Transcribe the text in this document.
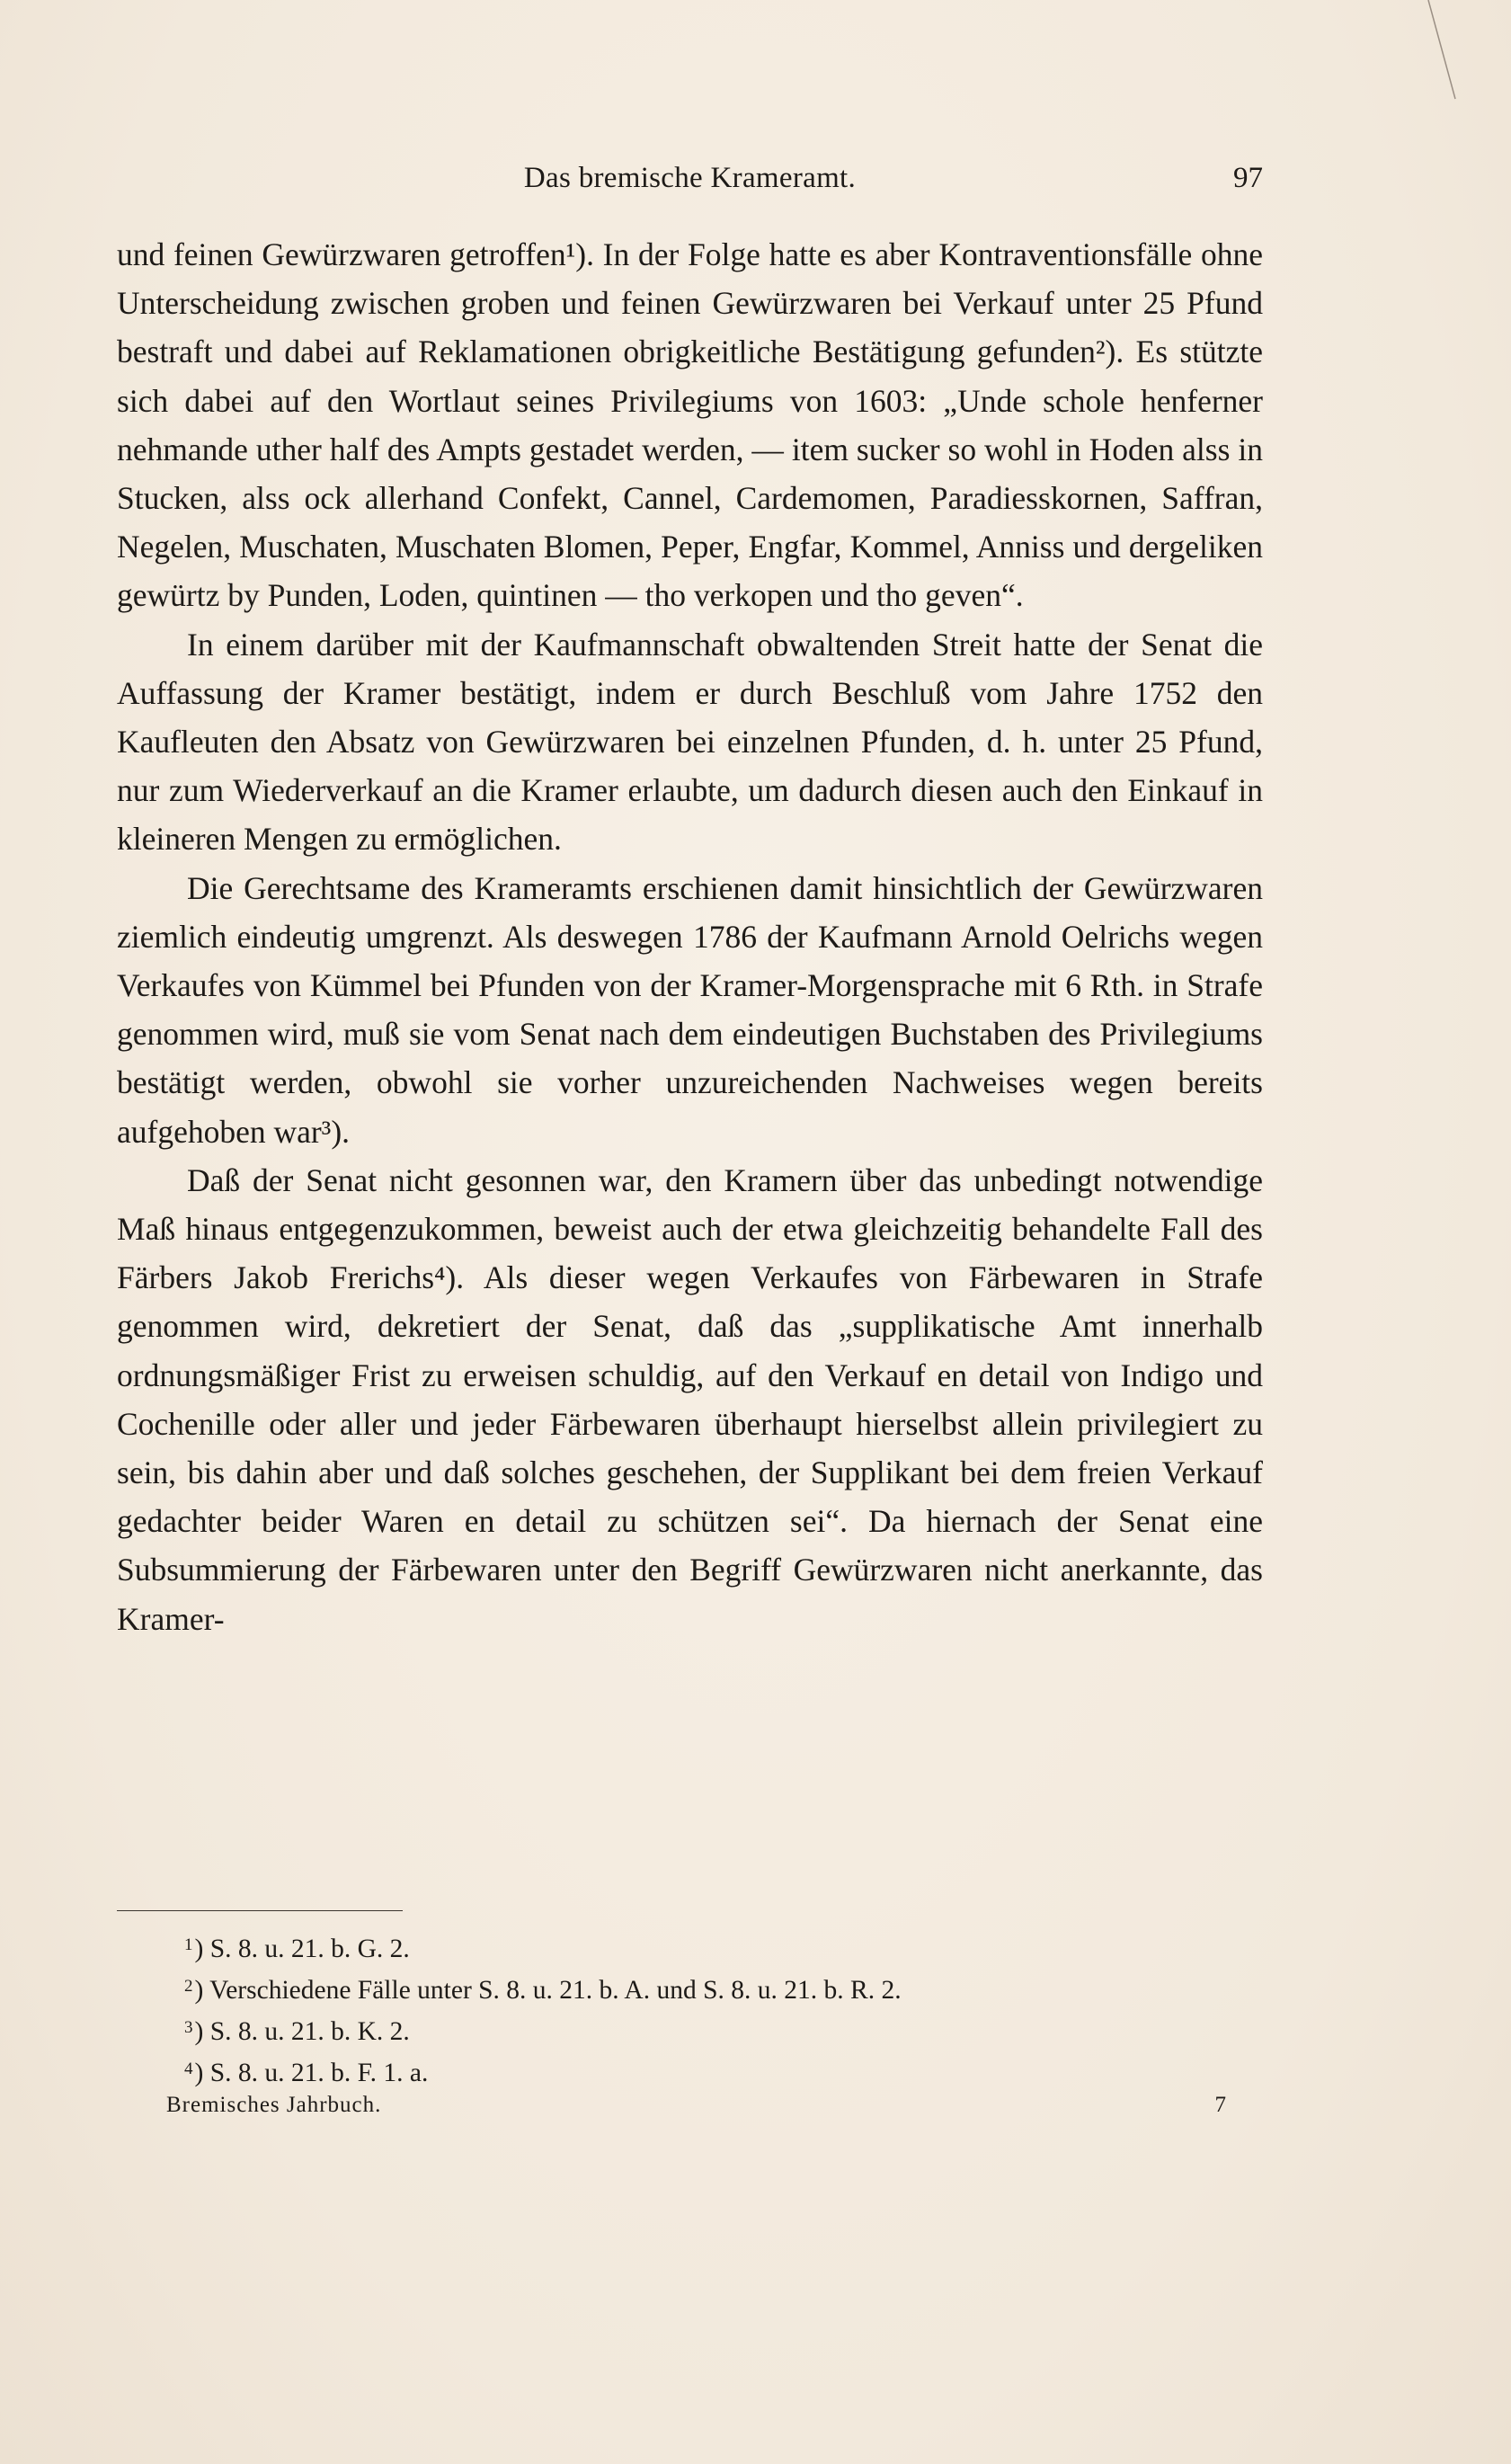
Das bremische Krameramt.	97

und feinen Gewürzwaren getroffen¹). In der Folge hatte es aber Kontraventionsfälle ohne Unterscheidung zwischen groben und feinen Gewürzwaren bei Verkauf unter 25 Pfund bestraft und dabei auf Reklamationen obrigkeitliche Bestätigung gefunden²). Es stützte sich dabei auf den Wortlaut seines Privilegiums von 1603: „Unde schole henferner nehmande uther half des Ampts gestadet werden, — item sucker so wohl in Hoden alss in Stucken, alss ock allerhand Confekt, Cannel, Cardemomen, Paradiesskornen, Saffran, Negelen, Muschaten, Muschaten Blomen, Peper, Engfar, Kommel, Anniss und dergeliken gewürtz by Punden, Loden, quintinen — tho verkopen und tho geven“.

In einem darüber mit der Kaufmannschaft obwaltenden Streit hatte der Senat die Auffassung der Kramer bestätigt, indem er durch Beschluß vom Jahre 1752 den Kaufleuten den Absatz von Gewürzwaren bei einzelnen Pfunden, d. h. unter 25 Pfund, nur zum Wiederverkauf an die Kramer erlaubte, um dadurch diesen auch den Einkauf in kleineren Mengen zu ermöglichen.

Die Gerechtsame des Krameramts erschienen damit hinsichtlich der Gewürzwaren ziemlich eindeutig umgrenzt. Als deswegen 1786 der Kaufmann Arnold Oelrichs wegen Verkaufes von Kümmel bei Pfunden von der Kramer-Morgensprache mit 6 Rth. in Strafe genommen wird, muß sie vom Senat nach dem eindeutigen Buchstaben des Privilegiums bestätigt werden, obwohl sie vorher unzureichenden Nachweises wegen bereits aufgehoben war³).

Daß der Senat nicht gesonnen war, den Kramern über das unbedingt notwendige Maß hinaus entgegenzukommen, beweist auch der etwa gleichzeitig behandelte Fall des Färbers Jakob Frerichs⁴). Als dieser wegen Verkaufes von Färbewaren in Strafe genommen wird, dekretiert der Senat, daß das „supplikatische Amt innerhalb ordnungsmäßiger Frist zu erweisen schuldig, auf den Verkauf en detail von Indigo und Cochenille oder aller und jeder Färbewaren überhaupt hierselbst allein privilegiert zu sein, bis dahin aber und daß solches geschehen, der Supplikant bei dem freien Verkauf gedachter beider Waren en detail zu schützen sei“. Da hiernach der Senat eine Subsummierung der Färbewaren unter den Begriff Gewürzwaren nicht anerkannte, das Kramer-

$^1$) S. 8. u. 21. b. G. 2.
$^2$) Verschiedene Fälle unter S. 8. u. 21. b. A. und S. 8. u. 21. b. R. 2.
$^3$) S. 8. u. 21. b. K. 2.
$^4$) S. 8. u. 21. b. F. 1. a.
Bremisches Jahrbuch.	7
